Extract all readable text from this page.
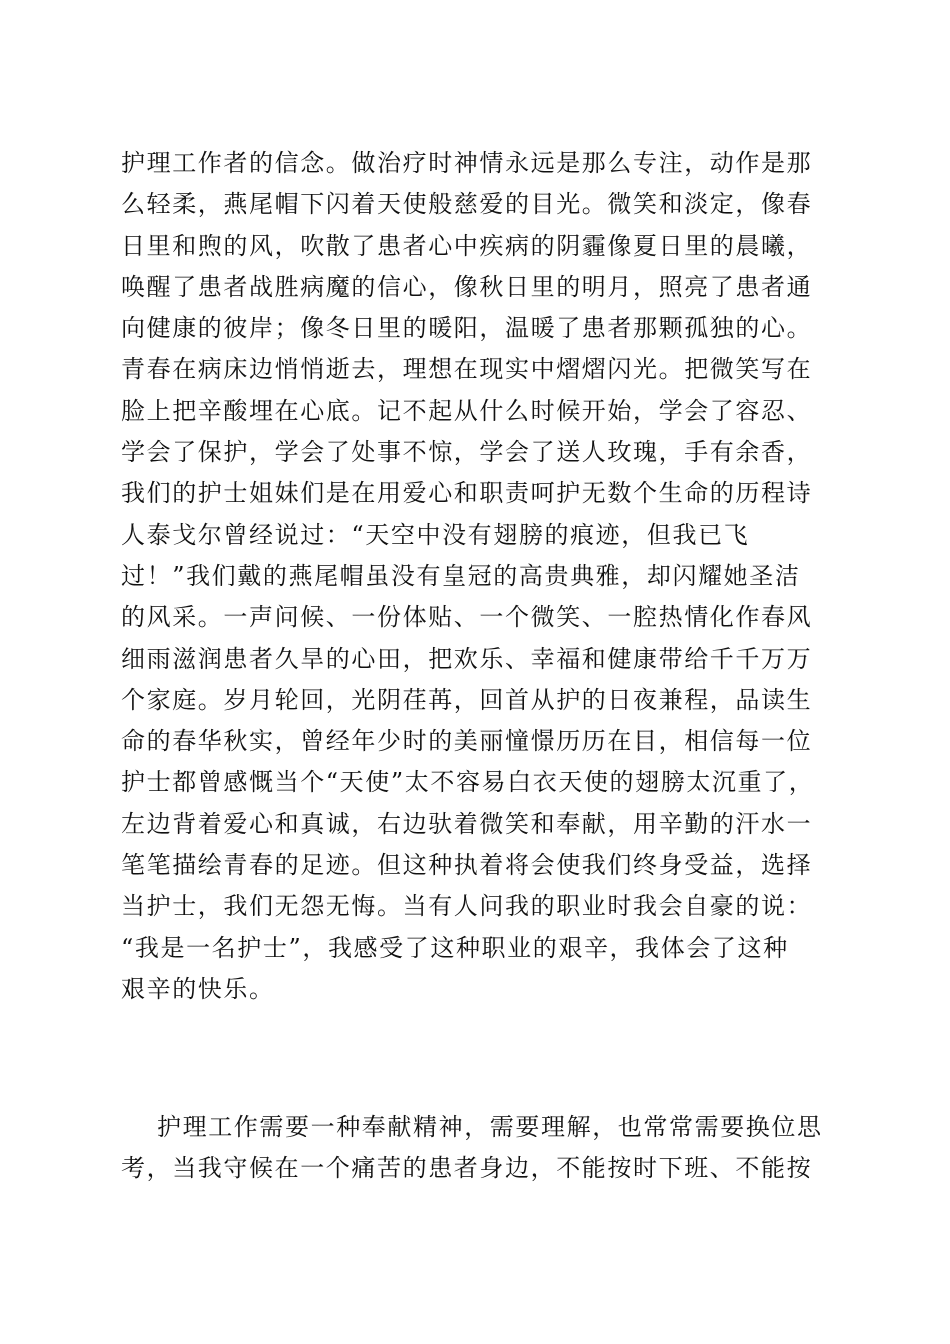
护理工作者的信念。做治疗时神情永远是那么专注，动作是那
么轻柔，燕尾帽下闪着天使般慈爱的目光。微笑和淡定，像春
日里和煦的风，吹散了患者心中疾病的阴霾像夏日里的晨曦，
唤醒了患者战胜病魔的信心，像秋日里的明月，照亮了患者通
向健康的彼岸；像冬日里的暖阳，温暖了患者那颗孤独的心。
青春在病床边悄悄逝去，理想在现实中熠熠闪光。把微笑写在
脸上把辛酸埋在心底。记不起从什么时候开始，学会了容忍、
学会了保护，学会了处事不惊，学会了送人玫瑰，手有余香，
我们的护士姐妹们是在用爱心和职责呵护无数个生命的历程诗
人泰戈尔曾经说过：“天空中没有翅膀的痕迹，但我已飞
过！”我们戴的燕尾帽虽没有皇冠的高贵典雅，却闪耀她圣洁
的风采。一声问候、一份体贴、一个微笑、一腔热情化作春风
细雨滋润患者久旱的心田，把欢乐、幸福和健康带给千千万万
个家庭。岁月轮回，光阴荏苒，回首从护的日夜兼程，品读生
命的春华秋实，曾经年少时的美丽憧憬历历在目，相信每一位
护士都曾感慨当个“天使”太不容易白衣天使的翅膀太沉重了，
左边背着爱心和真诚，右边驮着微笑和奉献，用辛勤的汗水一
笔笔描绘青春的足迹。但这种执着将会使我们终身受益，选择
当护士，我们无怨无悔。当有人问我的职业时我会自豪的说：
“我是一名护士”，我感受了这种职业的艰辛，我体会了这种
艰辛的快乐。
护理工作需要一种奉献精神，需要理解，也常常需要换位思
考，当我守候在一个痛苦的患者身边，不能按时下班、不能按
